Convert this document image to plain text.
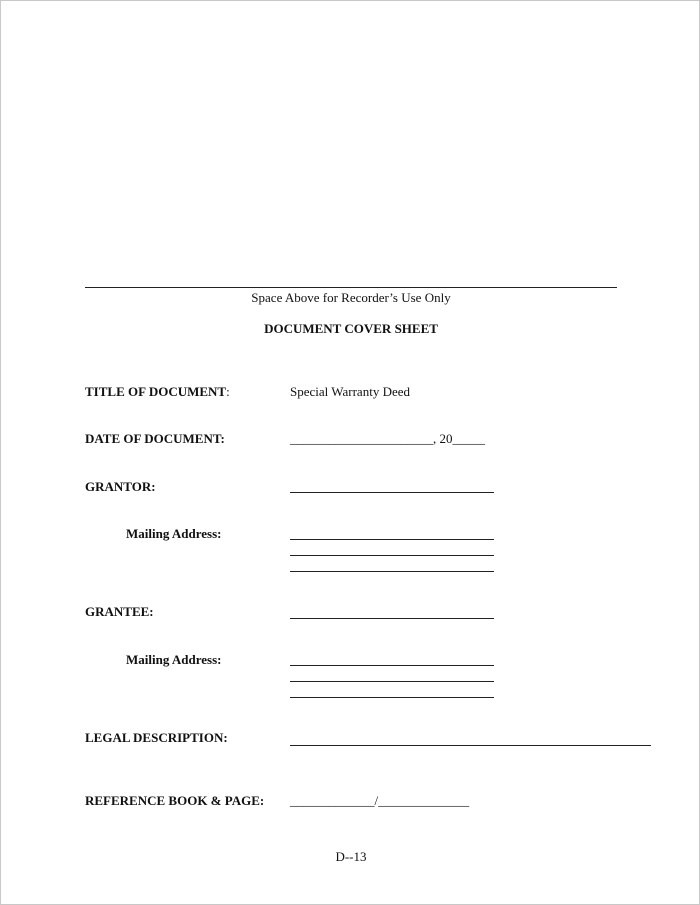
Space Above for Recorder’s Use Only
DOCUMENT COVER SHEET
TITLE OF DOCUMENT:	Special Warranty Deed
DATE OF DOCUMENT:	______________________, 20_____
GRANTOR:
Mailing Address:
GRANTEE:
Mailing Address:
LEGAL DESCRIPTION:
REFERENCE BOOK & PAGE: _____________/______________
D--13
